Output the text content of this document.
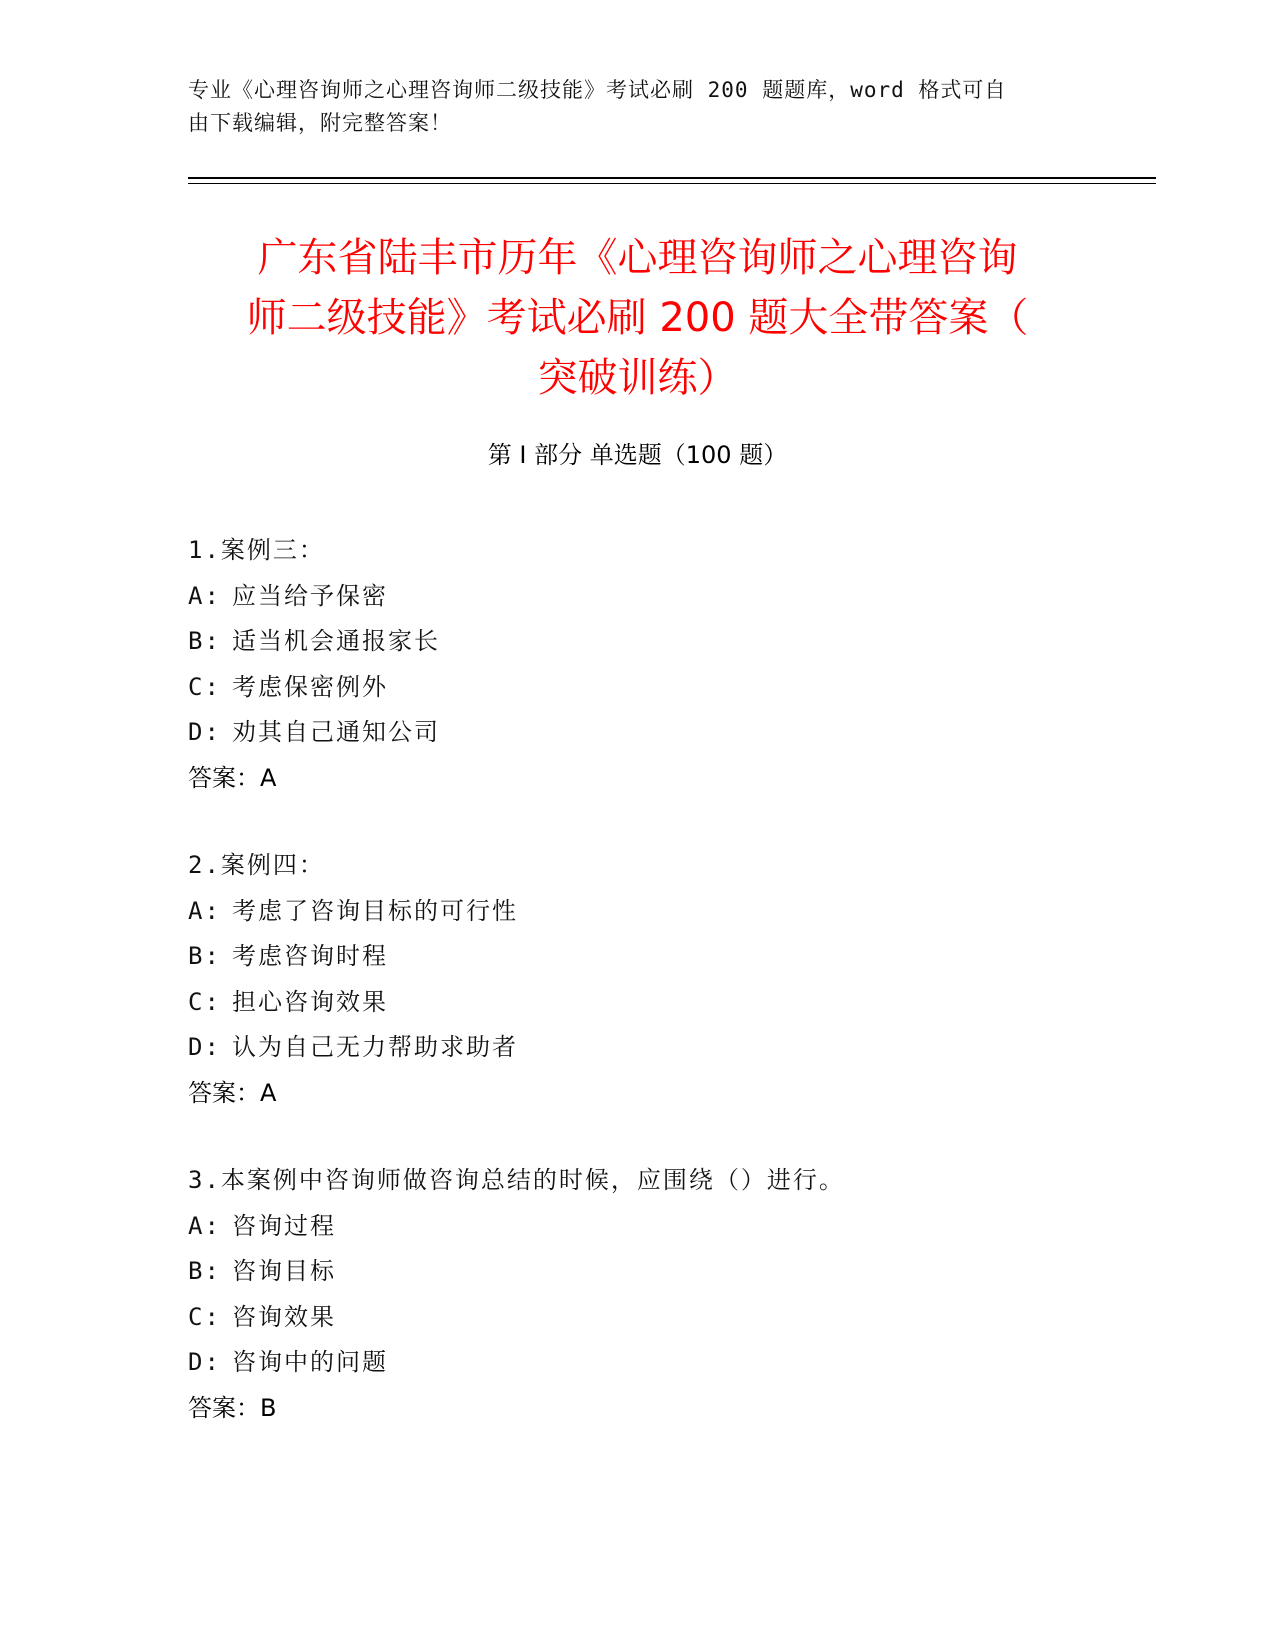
专业《心理咨询师之心理咨询师二级技能》考试必刷 200 题题库，word 格式可自
由下载编辑，附完整答案！

广东省陆丰市历年《心理咨询师之心理咨询
师二级技能》考试必刷 200 题大全带答案（
突破训练）
第 I 部分 单选题（100 题）
1.案例三：
A: 应当给予保密
B: 适当机会通报家长
C: 考虑保密例外
D: 劝其自己通知公司
答案：A
2.案例四：
A: 考虑了咨询目标的可行性
B: 考虑咨询时程
C: 担心咨询效果
D: 认为自己无力帮助求助者
答案：A
3.本案例中咨询师做咨询总结的时候，应围绕（）进行。
A: 咨询过程
B: 咨询目标
C: 咨询效果
D: 咨询中的问题
答案：B
